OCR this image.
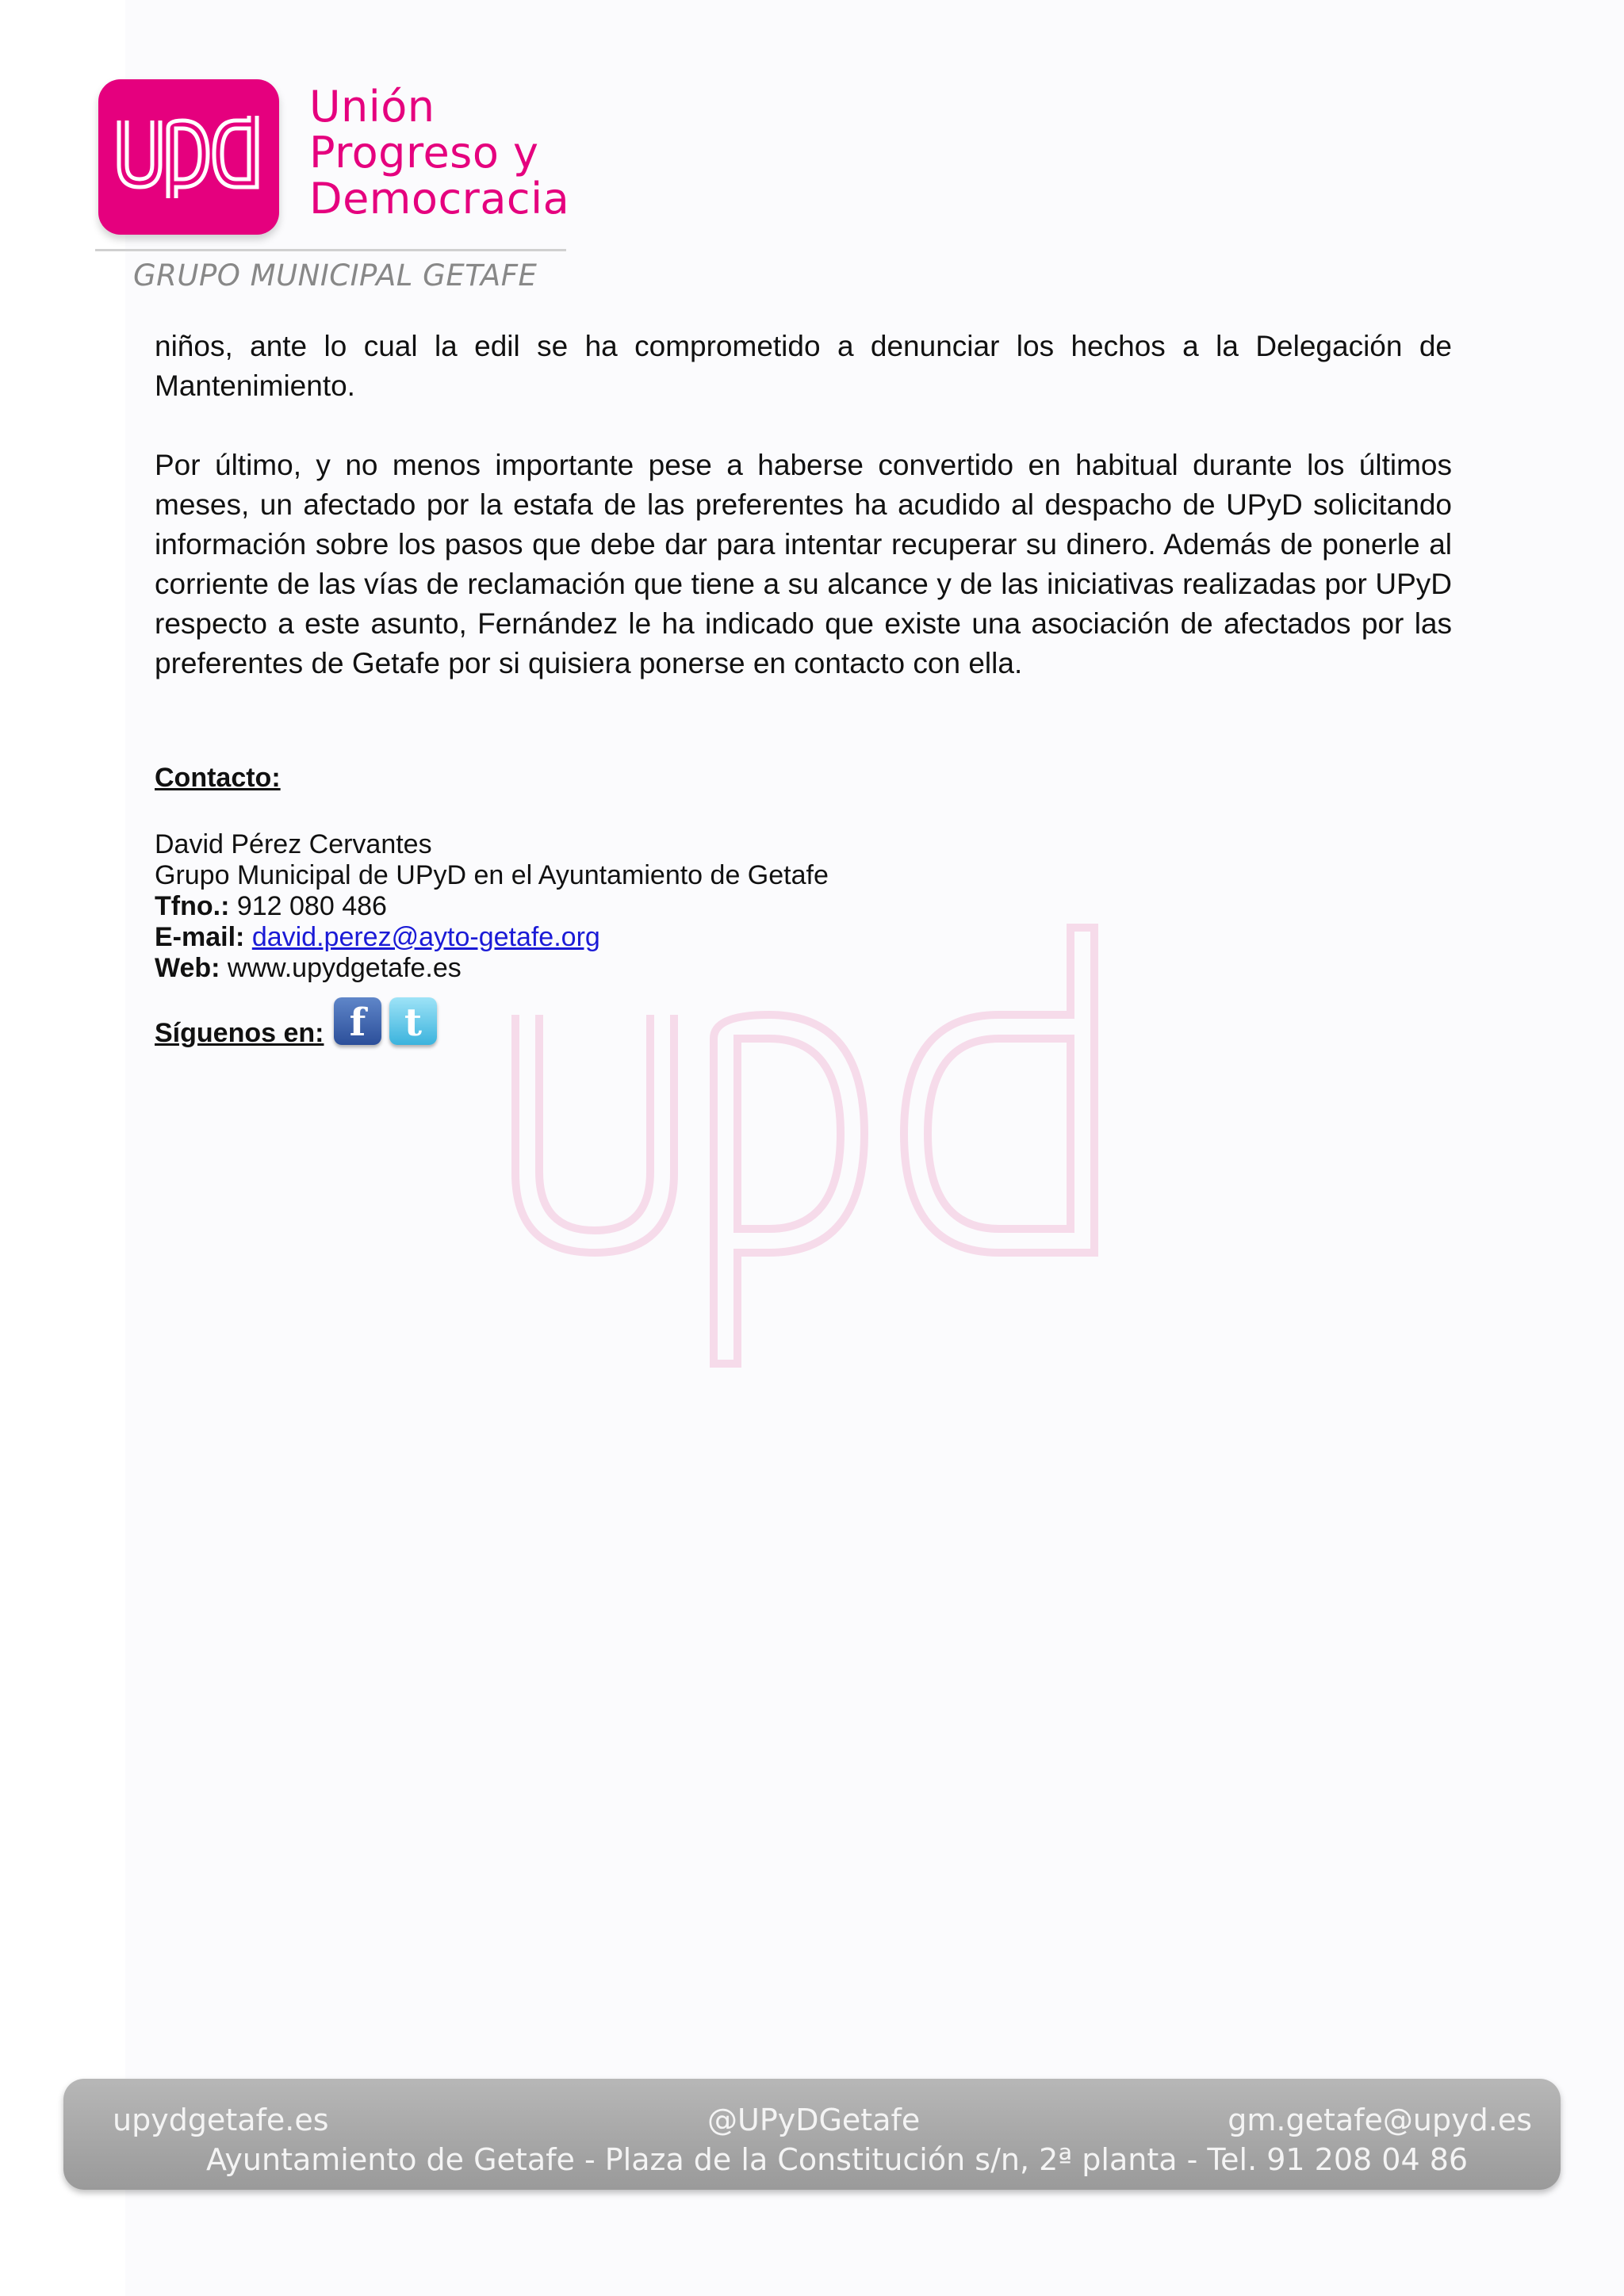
Unión
Progreso y
Democracia
GRUPO MUNICIPAL GETAFE
niños, ante lo cual la edil se ha comprometido a denunciar los hechos a la Delegación de Mantenimiento.
Por último, y no menos importante pese a haberse convertido en habitual durante los últimos meses, un afectado por la estafa de las preferentes ha acudido al despacho de UPyD solicitando información sobre los pasos que debe dar para intentar recuperar su dinero. Además de ponerle al corriente de las vías de reclamación que tiene a su alcance y de las iniciativas realizadas por UPyD respecto a este asunto, Fernández le ha indicado que existe una asociación de afectados por las preferentes de Getafe por si quisiera ponerse en contacto con ella.
Contacto:
David Pérez Cervantes
Grupo Municipal de UPyD en el Ayuntamiento de Getafe
Tfno.: 912 080 486
E-mail: david.perez@ayto-getafe.org
Web: www.upydgetafe.es
Síguenos en: f	t
upydgetafe.es	@UPyDGetafe	gm.getafe@upyd.es
Ayuntamiento de Getafe - Plaza de la Constitución s/n, 2ª planta - Tel. 91 208 04 86
